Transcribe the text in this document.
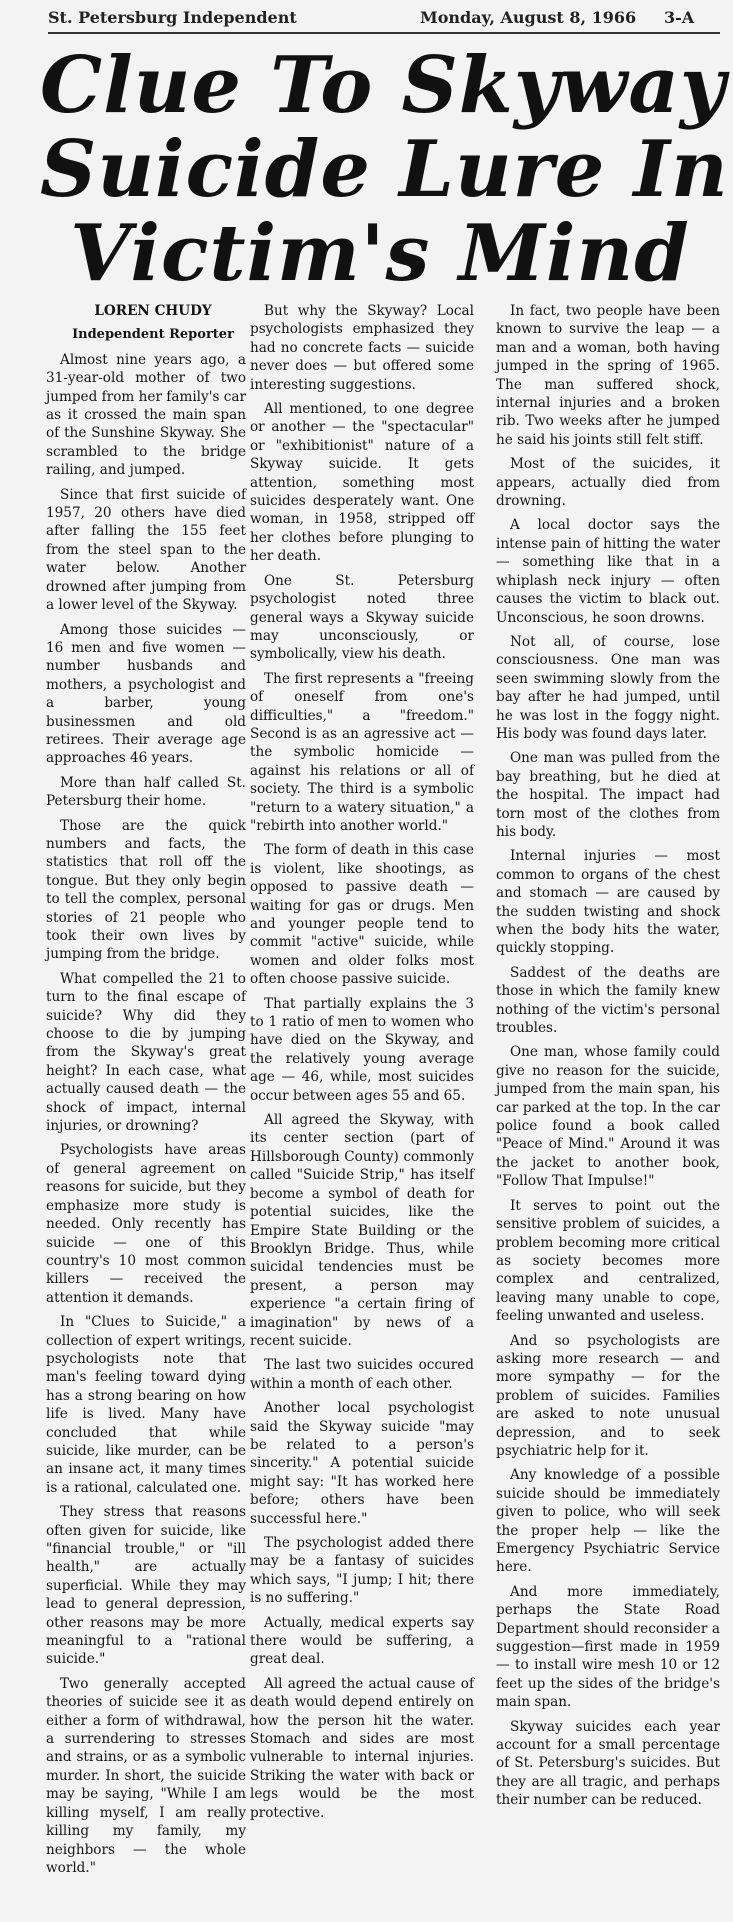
St. Petersburg Independent	Monday, August 8, 1966 3-A
Clue To Skyway
Suicide Lure In
Victim's Mind

LOREN CHUDY

Independent Reporter

Almost nine years ago, a 31-year-old mother of two jumped from her family's car as it crossed the main span of the Sunshine Skyway. She scrambled to the bridge railing, and jumped.

Since that first suicide of 1957, 20 others have died after falling the 155 feet from the steel span to the water below. Another drowned after jumping from a lower level of the Skyway.

Among those suicides — 16 men and five women — number husbands and mothers, a psychologist and a barber, young businessmen and old retirees. Their average age approaches 46 years.

More than half called St. Petersburg their home.

Those are the quick numbers and facts, the statistics that roll off the tongue. But they only begin to tell the complex, personal stories of 21 people who took their own lives by jumping from the bridge.

What compelled the 21 to turn to the final escape of suicide? Why did they choose to die by jumping from the Skyway's great height? In each case, what actually caused death — the shock of impact, internal injuries, or drowning?

Psychologists have areas of general agreement on reasons for suicide, but they emphasize more study is needed. Only recently has suicide — one of this country's 10 most common killers — received the attention it demands.

In "Clues to Suicide," a collection of expert writings, psychologists note that man's feeling toward dying has a strong bearing on how life is lived. Many have concluded that while suicide, like murder, can be an insane act, it many times is a rational, calculated one.

They stress that reasons often given for suicide, like "financial trouble," or "ill health," are actually superficial. While they may lead to general depression, other reasons may be more meaningful to a "rational suicide."

Two generally accepted theories of suicide see it as either a form of withdrawal, a surrendering to stresses and strains, or as a symbolic murder. In short, the suicide may be saying, "While I am killing myself, I am really killing my family, my neighbors — the whole world."

But why the Skyway? Local psychologists emphasized they had no concrete facts — suicide never does — but offered some interesting suggestions.

All mentioned, to one degree or another — the "spectacular" or "exhibitionist" nature of a Skyway suicide. It gets attention, something most suicides desperately want. One woman, in 1958, stripped off her clothes before plunging to her death.

One St. Petersburg psychologist noted three general ways a Skyway suicide may unconsciously, or symbolically, view his death.

The first represents a "freeing of oneself from one's difficulties," a "freedom." Second is as an agressive act — the symbolic homicide — against his relations or all of society. The third is a symbolic "return to a watery situation," a "rebirth into another world."

The form of death in this case is violent, like shootings, as opposed to passive death — waiting for gas or drugs. Men and younger people tend to commit "active" suicide, while women and older folks most often choose passive suicide.

That partially explains the 3 to 1 ratio of men to women who have died on the Skyway, and the relatively young average age — 46, while, most suicides occur between ages 55 and 65.

All agreed the Skyway, with its center section (part of Hillsborough County) commonly called "Suicide Strip," has itself become a symbol of death for potential suicides, like the Empire State Building or the Brooklyn Bridge. Thus, while suicidal tendencies must be present, a person may experience "a certain firing of imagination" by news of a recent suicide.

The last two suicides occured within a month of each other.

Another local psychologist said the Skyway suicide "may be related to a person's sincerity." A potential suicide might say: "It has worked here before; others have been successful here."

The psychologist added there may be a fantasy of suicides which says, "I jump; I hit; there is no suffering."

Actually, medical experts say there would be suffering, a great deal.

All agreed the actual cause of death would depend entirely on how the person hit the water. Stomach and sides are most vulnerable to internal injuries. Striking the water with back or legs would be the most protective.

In fact, two people have been known to survive the leap — a man and a woman, both having jumped in the spring of 1965. The man suffered shock, internal injuries and a broken rib. Two weeks after he jumped he said his joints still felt stiff.

Most of the suicides, it appears, actually died from drowning.

A local doctor says the intense pain of hitting the water — something like that in a whiplash neck injury — often causes the victim to black out. Unconscious, he soon drowns.

Not all, of course, lose consciousness. One man was seen swimming slowly from the bay after he had jumped, until he was lost in the foggy night. His body was found days later.

One man was pulled from the bay breathing, but he died at the hospital. The impact had torn most of the clothes from his body.

Internal injuries — most common to organs of the chest and stomach — are caused by the sudden twisting and shock when the body hits the water, quickly stopping.

Saddest of the deaths are those in which the family knew nothing of the victim's personal troubles.

One man, whose family could give no reason for the suicide, jumped from the main span, his car parked at the top. In the car police found a book called "Peace of Mind." Around it was the jacket to another book, "Follow That Impulse!"

It serves to point out the sensitive problem of suicides, a problem becoming more critical as society becomes more complex and centralized, leaving many unable to cope, feeling unwanted and useless.

And so psychologists are asking more research — and more sympathy — for the problem of suicides. Families are asked to note unusual depression, and to seek psychiatric help for it.

Any knowledge of a possible suicide should be immediately given to police, who will seek the proper help — like the Emergency Psychiatric Service here.

And more immediately, perhaps the State Road Department should reconsider a suggestion—first made in 1959 — to install wire mesh 10 or 12 feet up the sides of the bridge's main span.

Skyway suicides each year account for a small percentage of St. Petersburg's suicides. But they are all tragic, and perhaps their number can be reduced.
